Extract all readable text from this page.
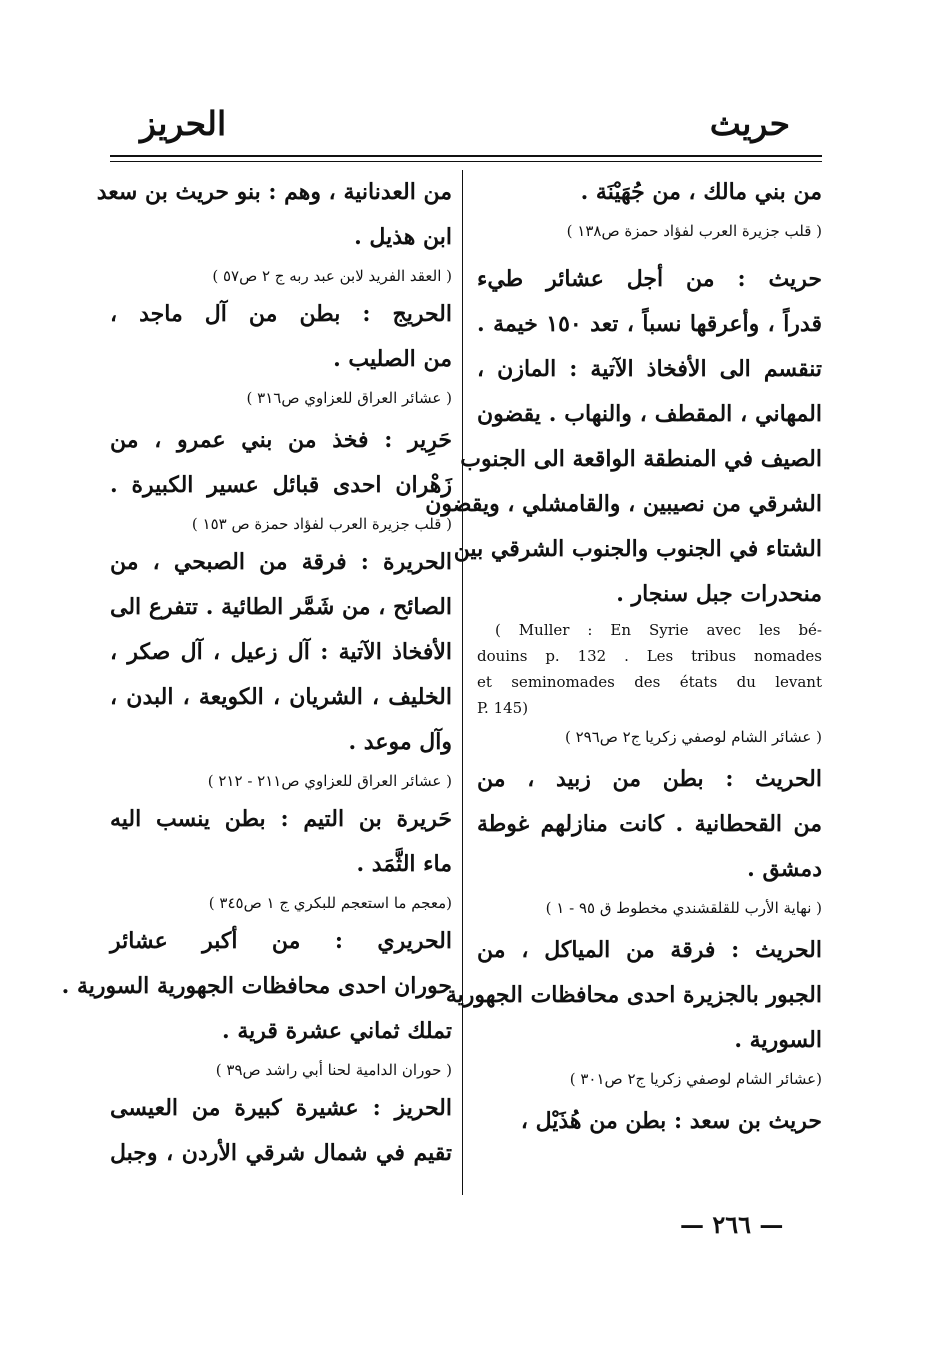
حريث
الحريز
من بني مالك ، من جُهَيْنَة .
( قلب جزيرة العرب لفؤاد حمزة ص١٣٨ )
حريث : من أجل عشائر طيء
قدراً ، وأعرقها نسباً ، تعد ١٥٠ خيمة .
تنقسم الى الأفخاذ الآتية : المازن ،
المهاني ، المقطف ، والنهاب . يقضون
الصيف في المنطقة الواقعة الى الجنوب
الشرقي من نصيبين ، والقامشلي ، ويقضون
الشتاء في الجنوب والجنوب الشرقي بين
منحدرات جبل سنجار .
( Muller : En Syrie avec les bé-
douins p. 132 . Les tribus nomades
et seminomades des états du levant
P. 145)
( عشائر الشام لوصفي زكريا ج٢ ص٢٩٦ )
الحريث : بطن من زبيد ، من
من القحطانية . كانت منازلهم غوطة
دمشق .
( نهاية الأرب للقلقشندي مخطوط ق ٩٥ - ١ )
الحريث : فرقة من المياكل ، من
الجبور بالجزيرة احدى محافظات الجهورية
السورية .
(عشائر الشام لوصفي زكريا ج٢ ص٣٠١ )
حريث بن سعد : بطن من هُذَيْل ،
من العدنانية ، وهم : بنو حريث بن سعد
ابن هذيل .
( العقد الفريد لابن عبد ربه ج ٢ ص٥٧ )
الحريج : بطن من آل ماجد ،
من الصليب .
( عشائر العراق للعزاوي ص٣١٦ )
حَرِير : فخذ من بني عمرو ، من
زَهْران احدى قبائل عسير الكبيرة .
( قلب جزيرة العرب لفؤاد حمزة ص ١٥٣ )
الحريرة : فرقة من الصبحي ، من
الصائح ، من شَمَّر الطائية . تتفرع الى
الأفخاذ الآتية : آل زعيل ، آل صكر ،
الخليف ، الشريان ، الكويعة ، البدن ،
وآل موعد .
( عشائر العراق للعزاوي ص٢١١ - ٢١٢ )
حَريرة بن التيم : بطن ينسب اليه
ماء الثَّمَد .
(معجم ما استعجم للبكري ج ١ ص٣٤٥ )
الحريري : من أكبر عشائر
حوران احدى محافظات الجهورية السورية .
تملك ثماني عشرة قرية .
( حوران الدامية لحنا أبي راشد ص٣٩ )
الحريز : عشيرة كبيرة من العيسى
تقيم في شمال شرقي الأردن ، وجبل
— ٢٦٦ —
